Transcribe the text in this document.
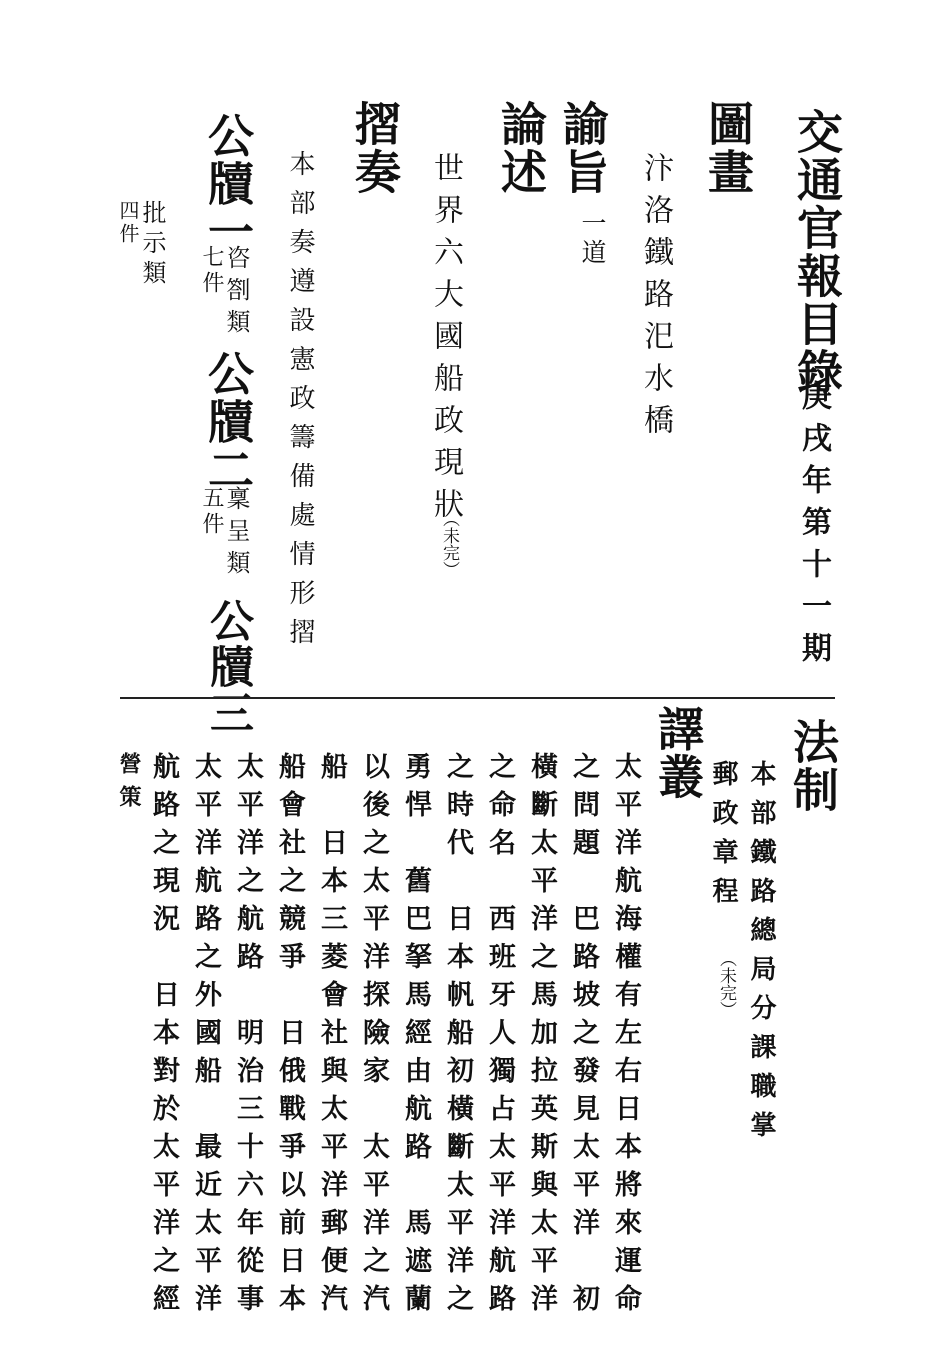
交通官報目錄
庚戌年第十一期
圖畫
汴洛鐵路汜水橋
諭旨
一道
論述
世界六大國船政現狀
（未完）
摺奏
本部奏遵設憲政籌備處情形摺
公牘一
咨劄類
七件
公牘二
稟呈類
五件
公牘三
批示類
四件
法制
本部鐵路總局分課職掌
郵政章程
（未完）
譯叢
太平洋航海權有左右日本將來運命
之問題　巴路坡之發見太平洋　初
橫斷太平洋之馬加拉英斯與太平洋
之命名　西班牙人獨占太平洋航路
之時代　日本帆船初橫斷太平洋之
勇悍　舊巴拏馬經由航路　馬遮蘭
以後之太平洋探險家　太平洋之汽
船　日本三菱會社與太平洋郵便汽
船會社之競爭　日俄戰爭以前日本
太平洋之航路　明治三十六年從事
太平洋航路之外國船　最近太平洋
航路之現況　日本對於太平洋之經
營策
